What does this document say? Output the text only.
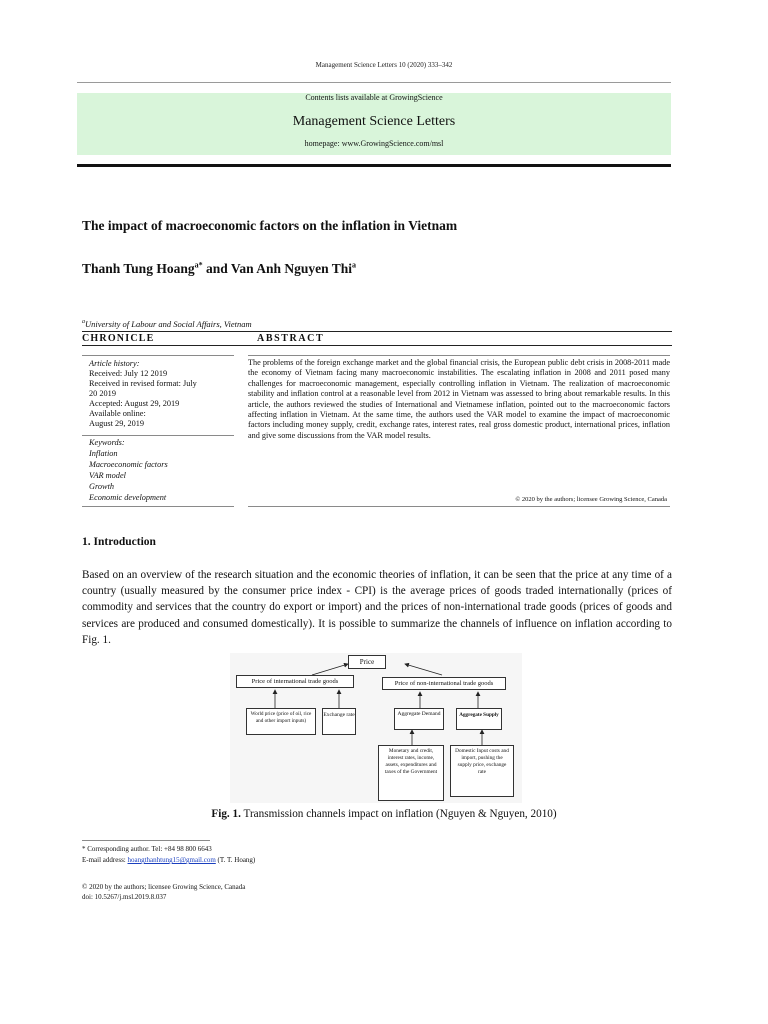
Management Science Letters 10 (2020) 333–342
Contents lists available at GrowingScience
Management Science Letters
homepage: www.GrowingScience.com/msl
The impact of macroeconomic factors on the inflation in Vietnam
Thanh Tung Hoang$^{a*}$ and Van Anh Nguyen Thi$^a$
$^a$University of Labour and Social Affairs, Vietnam
CHRONICLE	ABSTRACT
Article history:
Received: July 12 2019
Received in revised format: July
20 2019
Accepted: August 29, 2019
Available online:
August 29, 2019
Keywords:
Inflation
Macroeconomic factors
VAR model
Growth
Economic development
The problems of the foreign exchange market and the global financial crisis, the European public debt crisis in 2008-2011 made the economy of Vietnam facing many macroeconomic instabilities. The escalating inflation in 2008 and 2011 posed many challenges for macroeconomic management, especially controlling inflation in Vietnam. The realization of macroeconomic stability and inflation control at a reasonable level from 2012 in Vietnam was assessed to bring about remarkable results. In this article, the authors reviewed the studies of International and Vietnamese inflation, pointed out to the macroeconomic factors affecting inflation in Vietnam. At the same time, the authors used the VAR model to examine the impact of macroeconomic factors including money supply, credit, exchange rates, interest rates, real gross domestic product, international prices, inflation and give some discussions from the VAR model results.
© 2020 by the authors; licensee Growing Science, Canada
1. Introduction
Based on an overview of the research situation and the economic theories of inflation, it can be seen that the price at any time of a country (usually measured by the consumer price index - CPI) is the average prices of goods traded internationally (prices of commodity and services that the country do export or import) and the prices of non-international trade goods (prices of goods and services are produced and consumed domestically). It is possible to summarize the channels of influence on inflation according to Fig. 1.
Price
Price of international trade goods	Price of non-international trade goods
World price (price of oil, rice and other import inputs)
Exchange rate	Aggregate Demand	Aggregate Supply
Monetary and credit, interest rates, income, assets, expenditures and taxes of the Government
Domestic Input costs and import, pushing the supply price, exchange rate
Fig. 1. Transmission channels impact on inflation (Nguyen & Nguyen, 2010)
* Corresponding author. Tel: +84 98 800 6643
E-mail address: hoangthanhtung15@gmail.com (T. T. Hoang)
© 2020 by the authors; licensee Growing Science, Canada
doi: 10.5267/j.msl.2019.8.037
